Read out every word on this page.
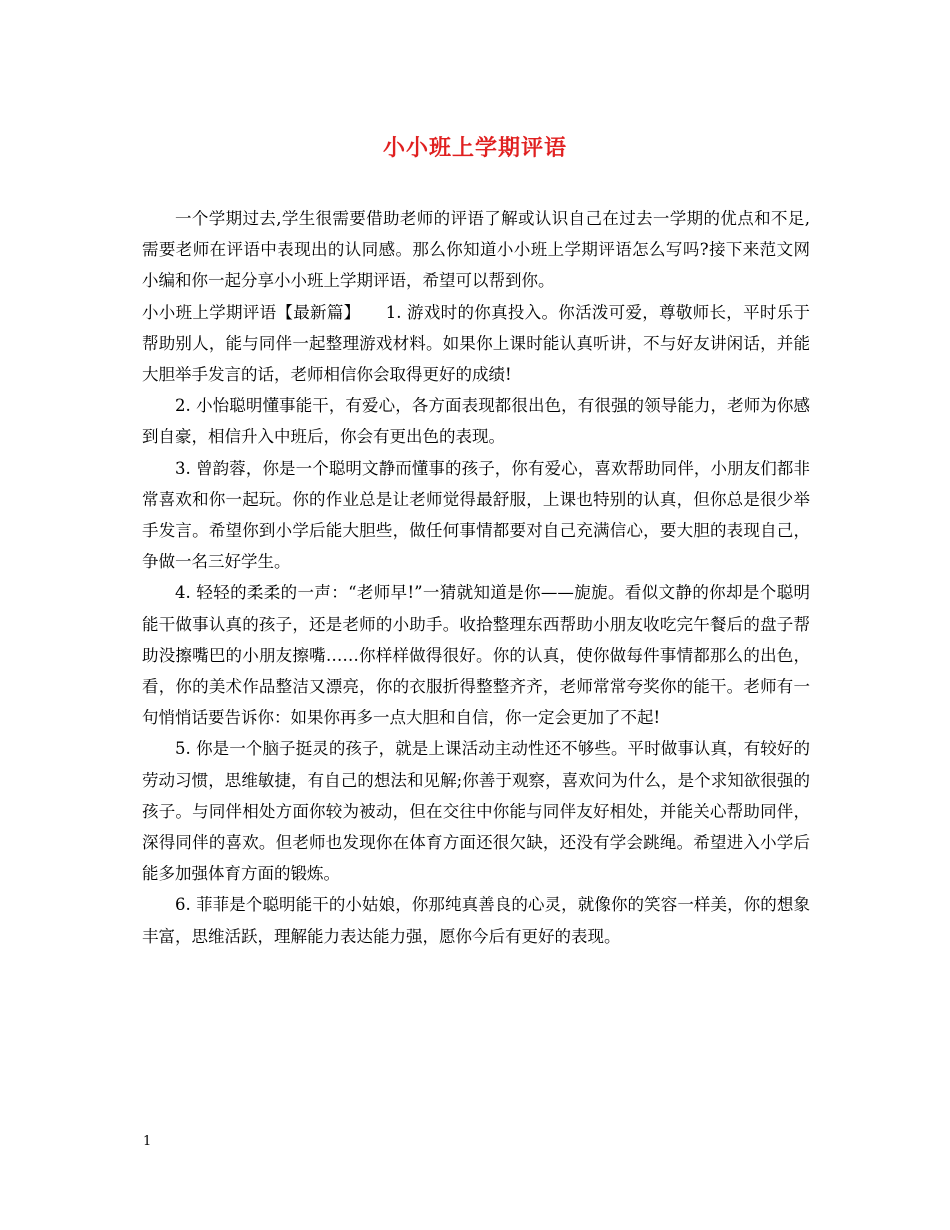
小小班上学期评语

一个学期过去,学生很需要借助老师的评语了解或认识自己在过去一学期的优点和不足,需要老师在评语中表现出的认同感。那么你知道小小班上学期评语怎么写吗?接下来范文网小编和你一起分享小小班上学期评语，希望可以帮到你。

小小班上学期评语【最新篇】　　1. 游戏时的你真投入。你活泼可爱，尊敬师长，平时乐于帮助别人，能与同伴一起整理游戏材料。如果你上课时能认真听讲，不与好友讲闲话，并能大胆举手发言的话，老师相信你会取得更好的成绩!

2. 小怡聪明懂事能干，有爱心，各方面表现都很出色，有很强的领导能力，老师为你感到自豪，相信升入中班后，你会有更出色的表现。

3. 曾韵蓉，你是一个聪明文静而懂事的孩子，你有爱心，喜欢帮助同伴，小朋友们都非常喜欢和你一起玩。你的作业总是让老师觉得最舒服，上课也特别的认真，但你总是很少举手发言。希望你到小学后能大胆些，做任何事情都要对自己充满信心，要大胆的表现自己，争做一名三好学生。

4. 轻轻的柔柔的一声：“老师早!”一猜就知道是你——旎旎。看似文静的你却是个聪明能干做事认真的孩子，还是老师的小助手。收拾整理东西帮助小朋友收吃完午餐后的盘子帮助没擦嘴巴的小朋友擦嘴……你样样做得很好。你的认真，使你做每件事情都那么的出色，看，你的美术作品整洁又漂亮，你的衣服折得整整齐齐，老师常常夸奖你的能干。老师有一句悄悄话要告诉你：如果你再多一点大胆和自信，你一定会更加了不起!

5. 你是一个脑子挺灵的孩子，就是上课活动主动性还不够些。平时做事认真，有较好的劳动习惯，思维敏捷，有自己的想法和见解;你善于观察，喜欢问为什么，是个求知欲很强的孩子。与同伴相处方面你较为被动，但在交往中你能与同伴友好相处，并能关心帮助同伴，深得同伴的喜欢。但老师也发现你在体育方面还很欠缺，还没有学会跳绳。希望进入小学后能多加强体育方面的锻炼。

6. 菲菲是个聪明能干的小姑娘，你那纯真善良的心灵，就像你的笑容一样美，你的想象丰富，思维活跃，理解能力表达能力强，愿你今后有更好的表现。

1
